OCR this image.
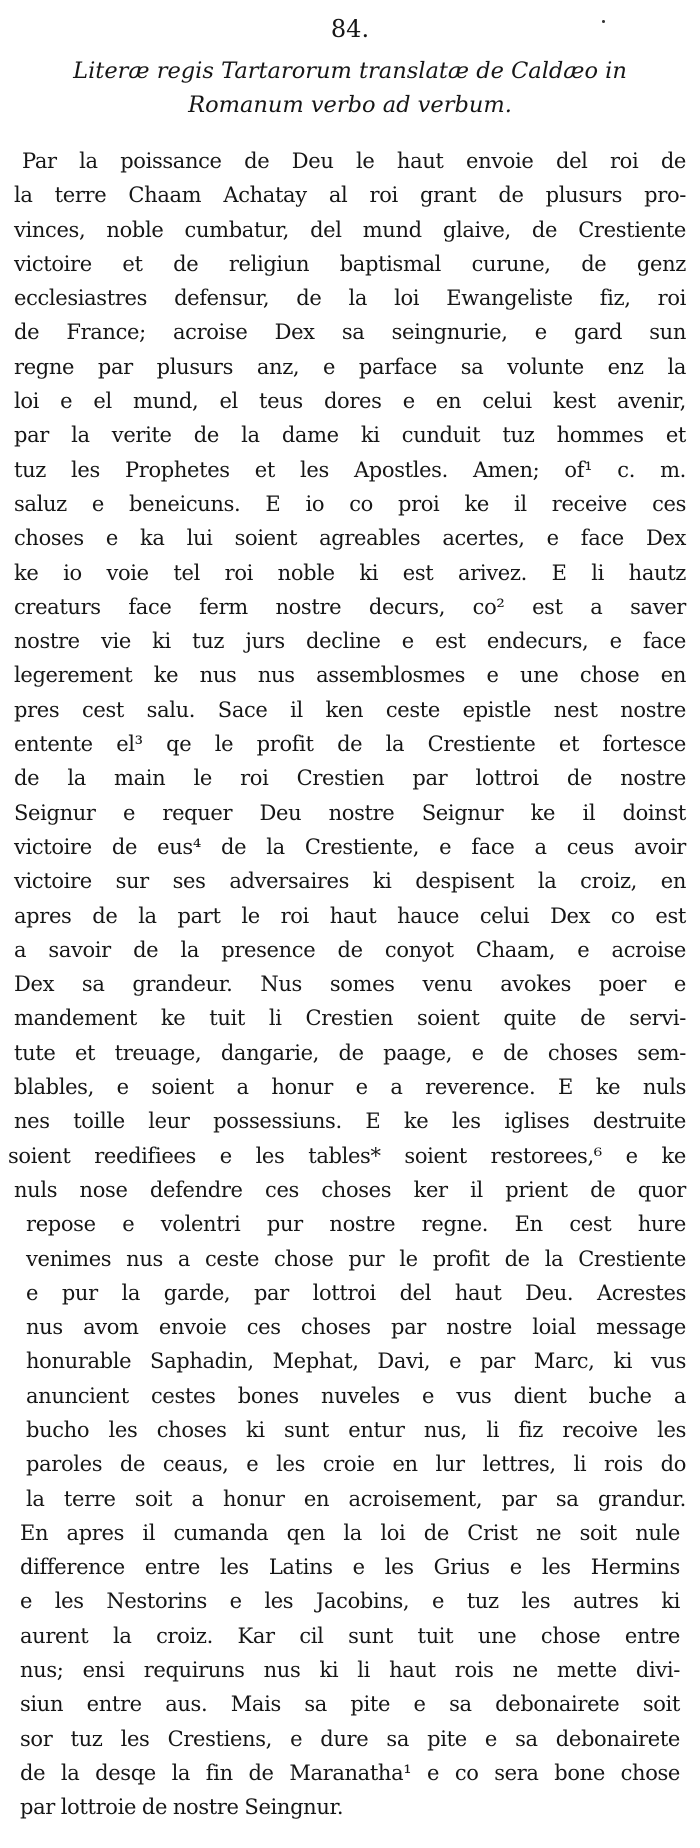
84.
Literæ regis Tartarorum translatæ de Caldæo in
Romanum verbo ad verbum.
Par la poissance de Deu le haut envoie del roi de
la terre Chaam Achatay al roi grant de plusurs pro-
vinces, noble cumbatur, del mund glaive, de Crestiente
victoire et de religiun baptismal curune, de genz
ecclesiastres defensur, de la loi Ewangeliste fiz, roi
de France; acroise Dex sa seingnurie, e gard sun
regne par plusurs anz, e parface sa volunte enz la
loi e el mund, el teus dores e en celui kest avenir,
par la verite de la dame ki cunduit tuz hommes et
tuz les Prophetes et les Apostles. Amen; of¹ c. m.
saluz e beneicuns. E io co proi ke il receive ces
choses e ka lui soient agreables acertes, e face Dex
ke io voie tel roi noble ki est arivez. E li hautz
creaturs face ferm nostre decurs, co² est a saver
nostre vie ki tuz jurs decline e est endecurs, e face
legerement ke nus nus assemblosmes e une chose en
pres cest salu. Sace il ken ceste epistle nest nostre
entente el³ qe le profit de la Crestiente et fortesce
de la main le roi Crestien par lottroi de nostre
Seignur e requer Deu nostre Seignur ke il doinst
victoire de eus⁴ de la Crestiente, e face a ceus avoir
victoire sur ses adversaires ki despisent la croiz, en
apres de la part le roi haut hauce celui Dex co est
a savoir de la presence de conyot Chaam, e acroise
Dex sa grandeur. Nus somes venu avokes poer e
mandement ke tuit li Crestien soient quite de servi-
tute et treuage, dangarie, de paage, e de choses sem-
blables, e soient a honur e a reverence. E ke nuls
nes toille leur possessiuns. E ke les iglises destruite
soient reedifiees e les tables* soient restorees,⁶ e ke
nuls nose defendre ces choses ker il prient de quor
repose e volentri pur nostre regne. En cest hure
venimes nus a ceste chose pur le profit de la Crestiente
e pur la garde, par lottroi del haut Deu. Acrestes
nus avom envoie ces choses par nostre loial message
honurable Saphadin, Mephat, Davi, e par Marc, ki vus
anuncient cestes bones nuveles e vus dient buche a
bucho les choses ki sunt entur nus, li fiz recoive les
paroles de ceaus, e les croie en lur lettres, li rois do
la terre soit a honur en acroisement, par sa grandur.
En apres il cumanda qen la loi de Crist ne soit nule
difference entre les Latins e les Grius e les Hermins
e les Nestorins e les Jacobins, e tuz les autres ki
aurent la croiz. Kar cil sunt tuit une chose entre
nus; ensi requiruns nus ki li haut rois ne mette divi-
siun entre aus. Mais sa pite e sa debonairete soit
sor tuz les Crestiens, e dure sa pite e sa debonairete
de la desqe la fin de Maranatha¹ e co sera bone chose
par lottroie de nostre Seingnur.
